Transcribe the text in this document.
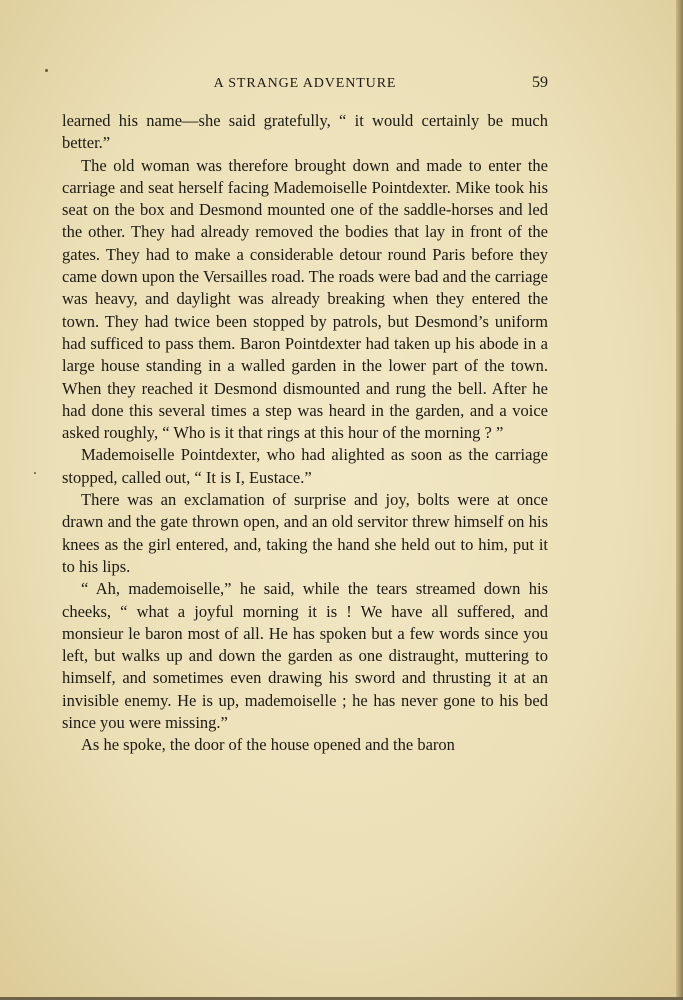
A STRANGE ADVENTURE	59

learned his name—she said gratefully, “ it would certainly be much better.”

The old woman was therefore brought down and made to enter the carriage and seat herself facing Mademoiselle Pointdexter. Mike took his seat on the box and Desmond mounted one of the saddle-horses and led the other. They had already removed the bodies that lay in front of the gates. They had to make a considerable detour round Paris before they came down upon the Versailles road. The roads were bad and the carriage was heavy, and daylight was already breaking when they entered the town. They had twice been stopped by patrols, but Desmond’s uniform had sufficed to pass them. Baron Pointdexter had taken up his abode in a large house standing in a walled garden in the lower part of the town. When they reached it Desmond dismounted and rung the bell. After he had done this several times a step was heard in the garden, and a voice asked roughly, “ Who is it that rings at this hour of the morning ? ”

Mademoiselle Pointdexter, who had alighted as soon as the carriage stopped, called out, “ It is I, Eustace.”

There was an exclamation of surprise and joy, bolts were at once drawn and the gate thrown open, and an old servitor threw himself on his knees as the girl entered, and, taking the hand she held out to him, put it to his lips.

“ Ah, mademoiselle,” he said, while the tears streamed down his cheeks, “ what a joyful morning it is ! We have all suffered, and monsieur le baron most of all. He has spoken but a few words since you left, but walks up and down the garden as one distraught, muttering to himself, and sometimes even drawing his sword and thrusting it at an invisible enemy. He is up, mademoiselle ; he has never gone to his bed since you were missing.”

As he spoke, the door of the house opened and the baron
